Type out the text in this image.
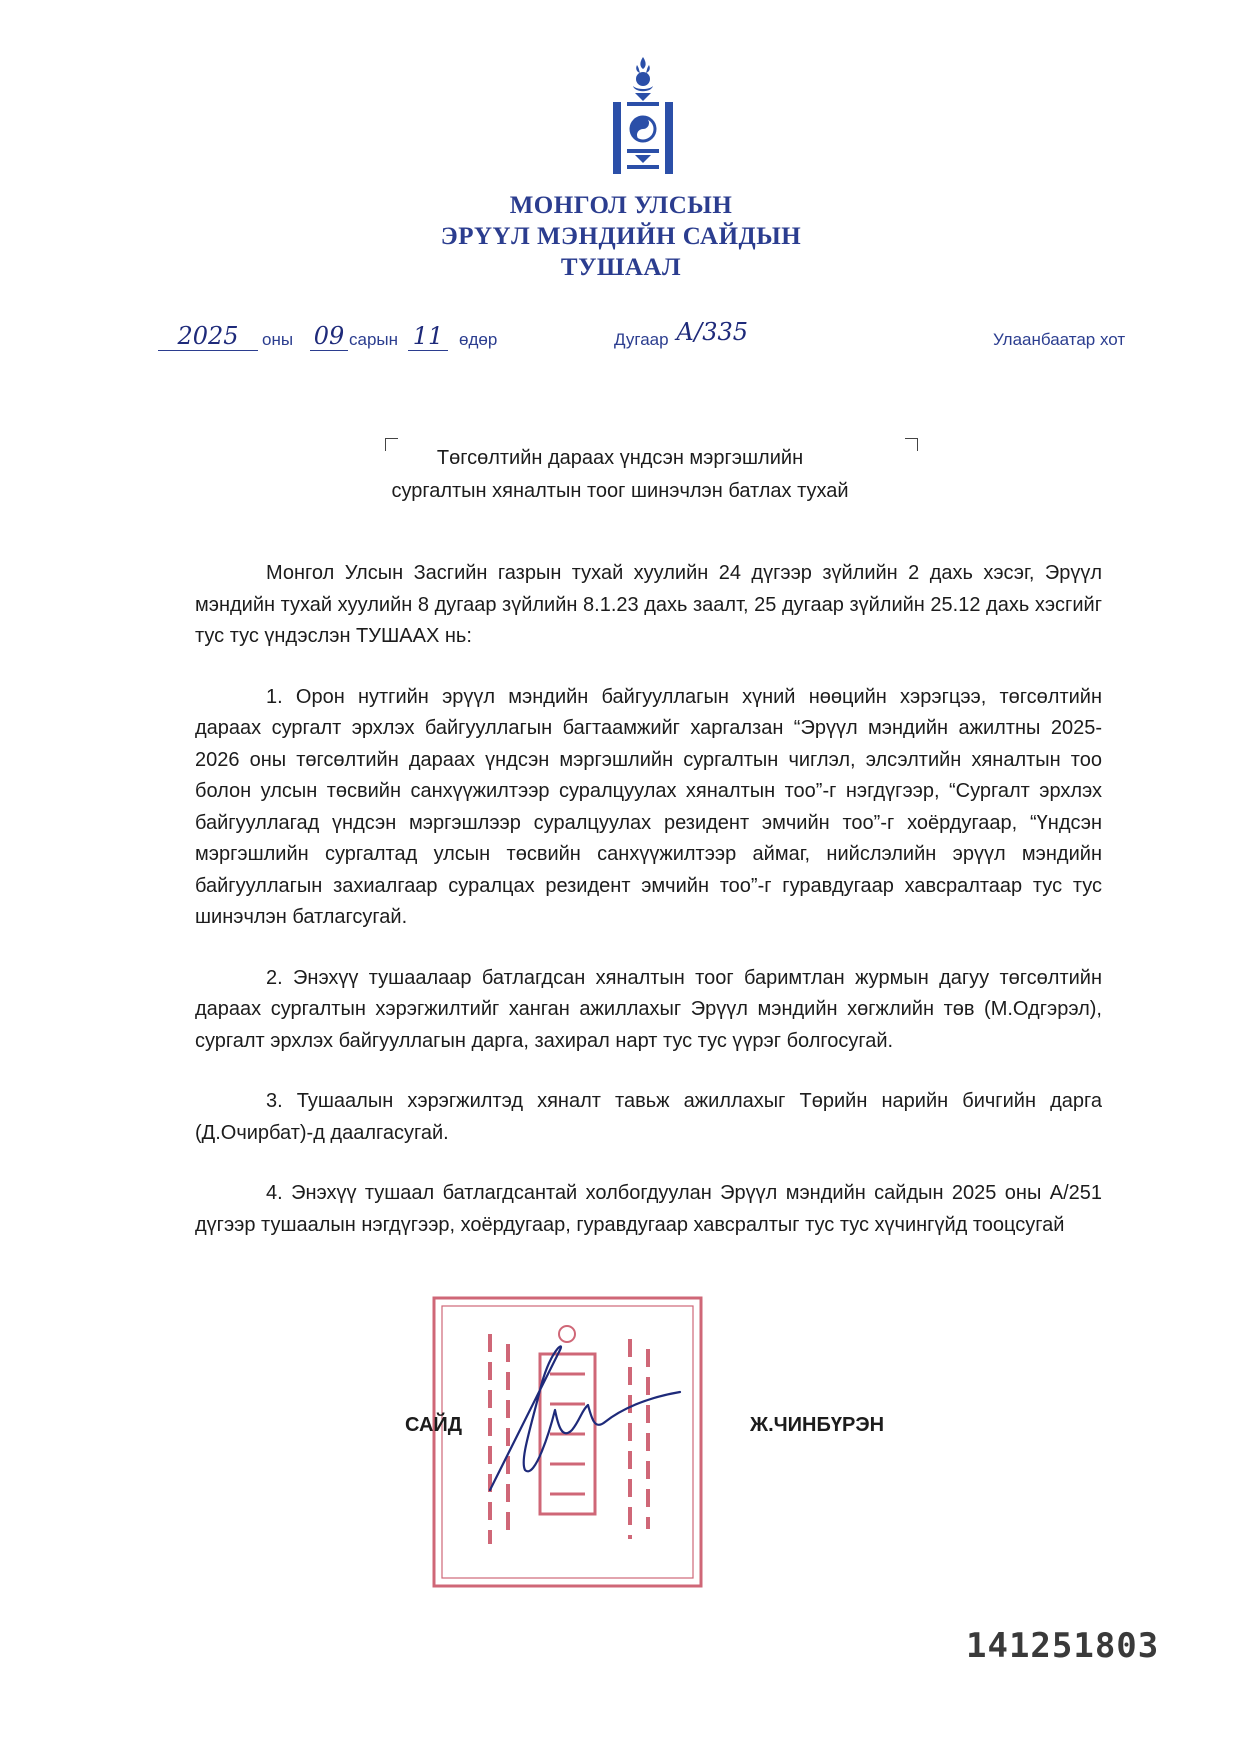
МОНГОЛ УЛСЫН
ЭРҮҮЛ МЭНДИЙН САЙДЫН
ТУШААЛ
2025	оны 09 сарын 11 өдөр	Дугаар А/335	Улаанбаатар хот
Төгсөлтийн дараах үндсэн мэргэшлийн
сургалтын хяналтын тоог шинэчлэн батлах тухай

Монгол Улсын Засгийн газрын тухай хуулийн 24 дүгээр зүйлийн 2 дахь хэсэг, Эрүүл мэндийн тухай хуулийн 8 дугаар зүйлийн 8.1.23 дахь заалт, 25 дугаар зүйлийн 25.12 дахь хэсгийг тус тус үндэслэн ТУШААХ нь:

1. Орон нутгийн эрүүл мэндийн байгууллагын хүний нөөцийн хэрэгцээ, төгсөлтийн дараах сургалт эрхлэх байгууллагын багтаамжийг харгалзан “Эрүүл мэндийн ажилтны 2025-2026 оны төгсөлтийн дараах үндсэн мэргэшлийн сургалтын чиглэл, элсэлтийн хяналтын тоо болон улсын төсвийн санхүүжилтээр суралцуулах хяналтын тоо”-г нэгдүгээр, “Сургалт эрхлэх байгууллагад үндсэн мэргэшлээр суралцуулах резидент эмчийн тоо”-г хоёрдугаар, “Үндсэн мэргэшлийн сургалтад улсын төсвийн санхүүжилтээр аймаг, нийслэлийн эрүүл мэндийн байгууллагын захиалгаар суралцах резидент эмчийн тоо”-г гуравдугаар хавсралтаар тус тус шинэчлэн батлагсугай.

2. Энэхүү тушаалаар батлагдсан хяналтын тоог баримтлан журмын дагуу төгсөлтийн дараах сургалтын хэрэгжилтийг ханган ажиллахыг Эрүүл мэндийн хөгжлийн төв (М.Одгэрэл), сургалт эрхлэх байгууллагын дарга, захирал нарт тус тус үүрэг болгосугай.

3. Тушаалын хэрэгжилтэд хяналт тавьж ажиллахыг Төрийн нарийн бичгийн дарга (Д.Очирбат)-д даалгасугай.

4. Энэхүү тушаал батлагдсантай холбогдуулан Эрүүл мэндийн сайдын 2025 оны А/251 дүгээр тушаалын нэгдүгээр, хоёрдугаар, гуравдугаар хавсралтыг тус тус хүчингүйд тооцсугай

САЙД	Ж.ЧИНБҮРЭН
141251803
